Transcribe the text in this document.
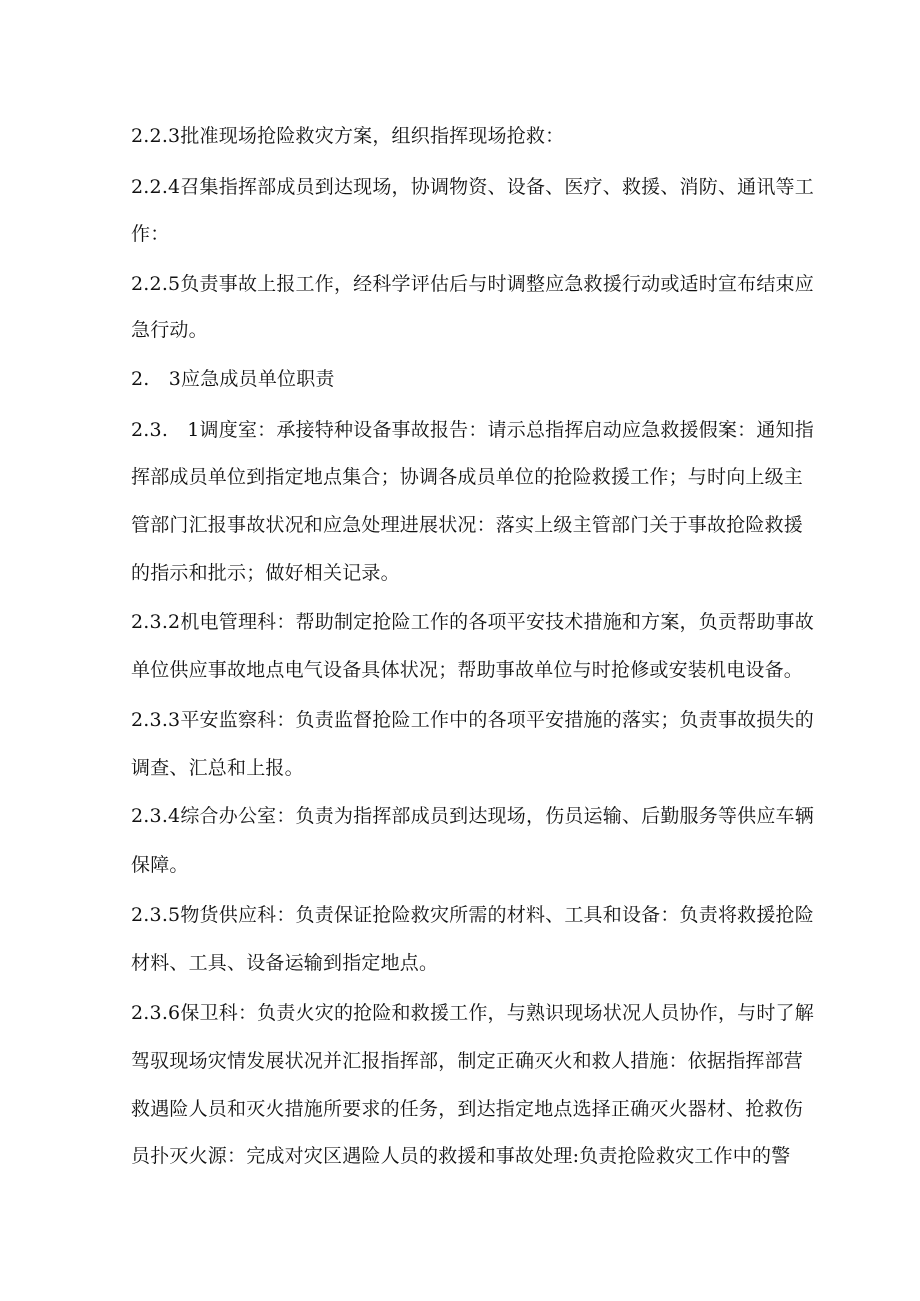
2.2.3批准现场抢险救灾方案，组织指挥现场抢救：
2.2.4召集指挥部成员到达现场，协调物资、设备、医疗、救援、消防、通讯等工
作：
2.2.5负责事故上报工作，经科学评估后与时调整应急救援行动或适时宣布结束应
急行动。
2.　3应急成员单位职责
2.3.　1调度室：承接特种设备事故报告：请示总指挥启动应急救援假案：通知指
挥部成员单位到指定地点集合；协调各成员单位的抢险救援工作；与时向上级主
管部门汇报事故状况和应急处理进展状况：落实上级主管部门关于事故抢险救援
的指示和批示；做好相关记录。
2.3.2机电管理科：帮助制定抢险工作的各项平安技术措施和方案，负贡帮助事故
单位供应事故地点电气设备具体状况；帮助事故单位与时抢修或安装机电设备。
2.3.3平安监察科：负责监督抢险工作中的各项平安措施的落实；负责事故损失的
调查、汇总和上报。
2.3.4综合办公室：负责为指挥部成员到达现场，伤员运输、后勤服务等供应车辆
保障。
2.3.5物货供应科：负责保证抢险救灾所需的材料、工具和设备：负责将救援抢险
材料、工具、设备运输到指定地点。
2.3.6保卫科：负责火灾的抢险和救援工作，与熟识现场状况人员协作，与时了解
驾驭现场灾情发展状况并汇报指挥部，制定正确灭火和救人措施：依据指挥部营
救遇险人员和灭火措施所要求的任务，到达指定地点选择正确灭火器材、抢救伤
员扑灭火源：完成对灾区遇险人员的救援和事故处理:负责抢险救灾工作中的警
